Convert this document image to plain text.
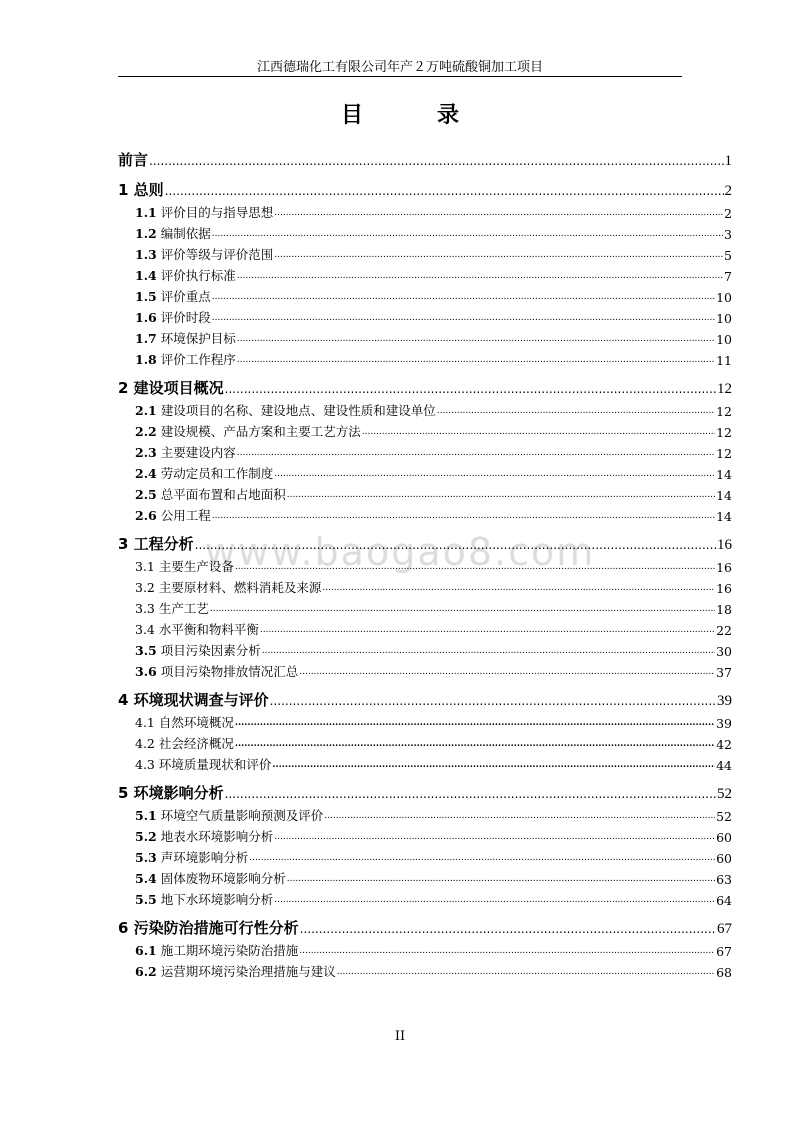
江西德瑞化工有限公司年产２万吨硫酸铜加工项目
目　录
www.baogao8.com
前言 .....	1
1 总则 .....	2
1.1 评价目的与指导思想 .....	2
1.2 编制依据 .....	3
1.3 评价等级与评价范围 .....	5
1.4 评价执行标准 .....	7
1.5 评价重点 .....	10
1.6 评价时段 .....	10
1.7 环境保护目标 .....	10
1.8 评价工作程序 .....	11
2 建设项目概况 .....	12
2.1 建设项目的名称、建设地点、建设性质和建设单位 .....	12
2.2 建设规模、产品方案和主要工艺方法 .....	12
2.3 主要建设内容 .....	12
2.4 劳动定员和工作制度 .....	14
2.5 总平面布置和占地面积 .....	14
2.6 公用工程 .....	14
3 工程分析 .....	16
3.1 主要生产设备 .....	16
3.2 主要原材料、燃料消耗及来源 .....	16
3.3 生产工艺 .....	18
3.4 水平衡和物料平衡 .....	22
3.5 项目污染因素分析 .....	30
3.6 项目污染物排放情况汇总 .....	37
4 环境现状调查与评价 .....	39
4.1 自然环境概况 .....	39
4.2 社会经济概况 .....	42
4.3 环境质量现状和评价 .....	44
5 环境影响分析 .....	52
5.1 环境空气质量影响预测及评价 .....	52
5.2 地表水环境影响分析 .....	60
5.3 声环境影响分析 .....	60
5.4 固体废物环境影响分析 .....	63
5.5 地下水环境影响分析 .....	64
6 污染防治措施可行性分析 .....	67
6.1 施工期环境污染防治措施 .....	67
6.2 运营期环境污染治理措施与建议 .....	68
II
